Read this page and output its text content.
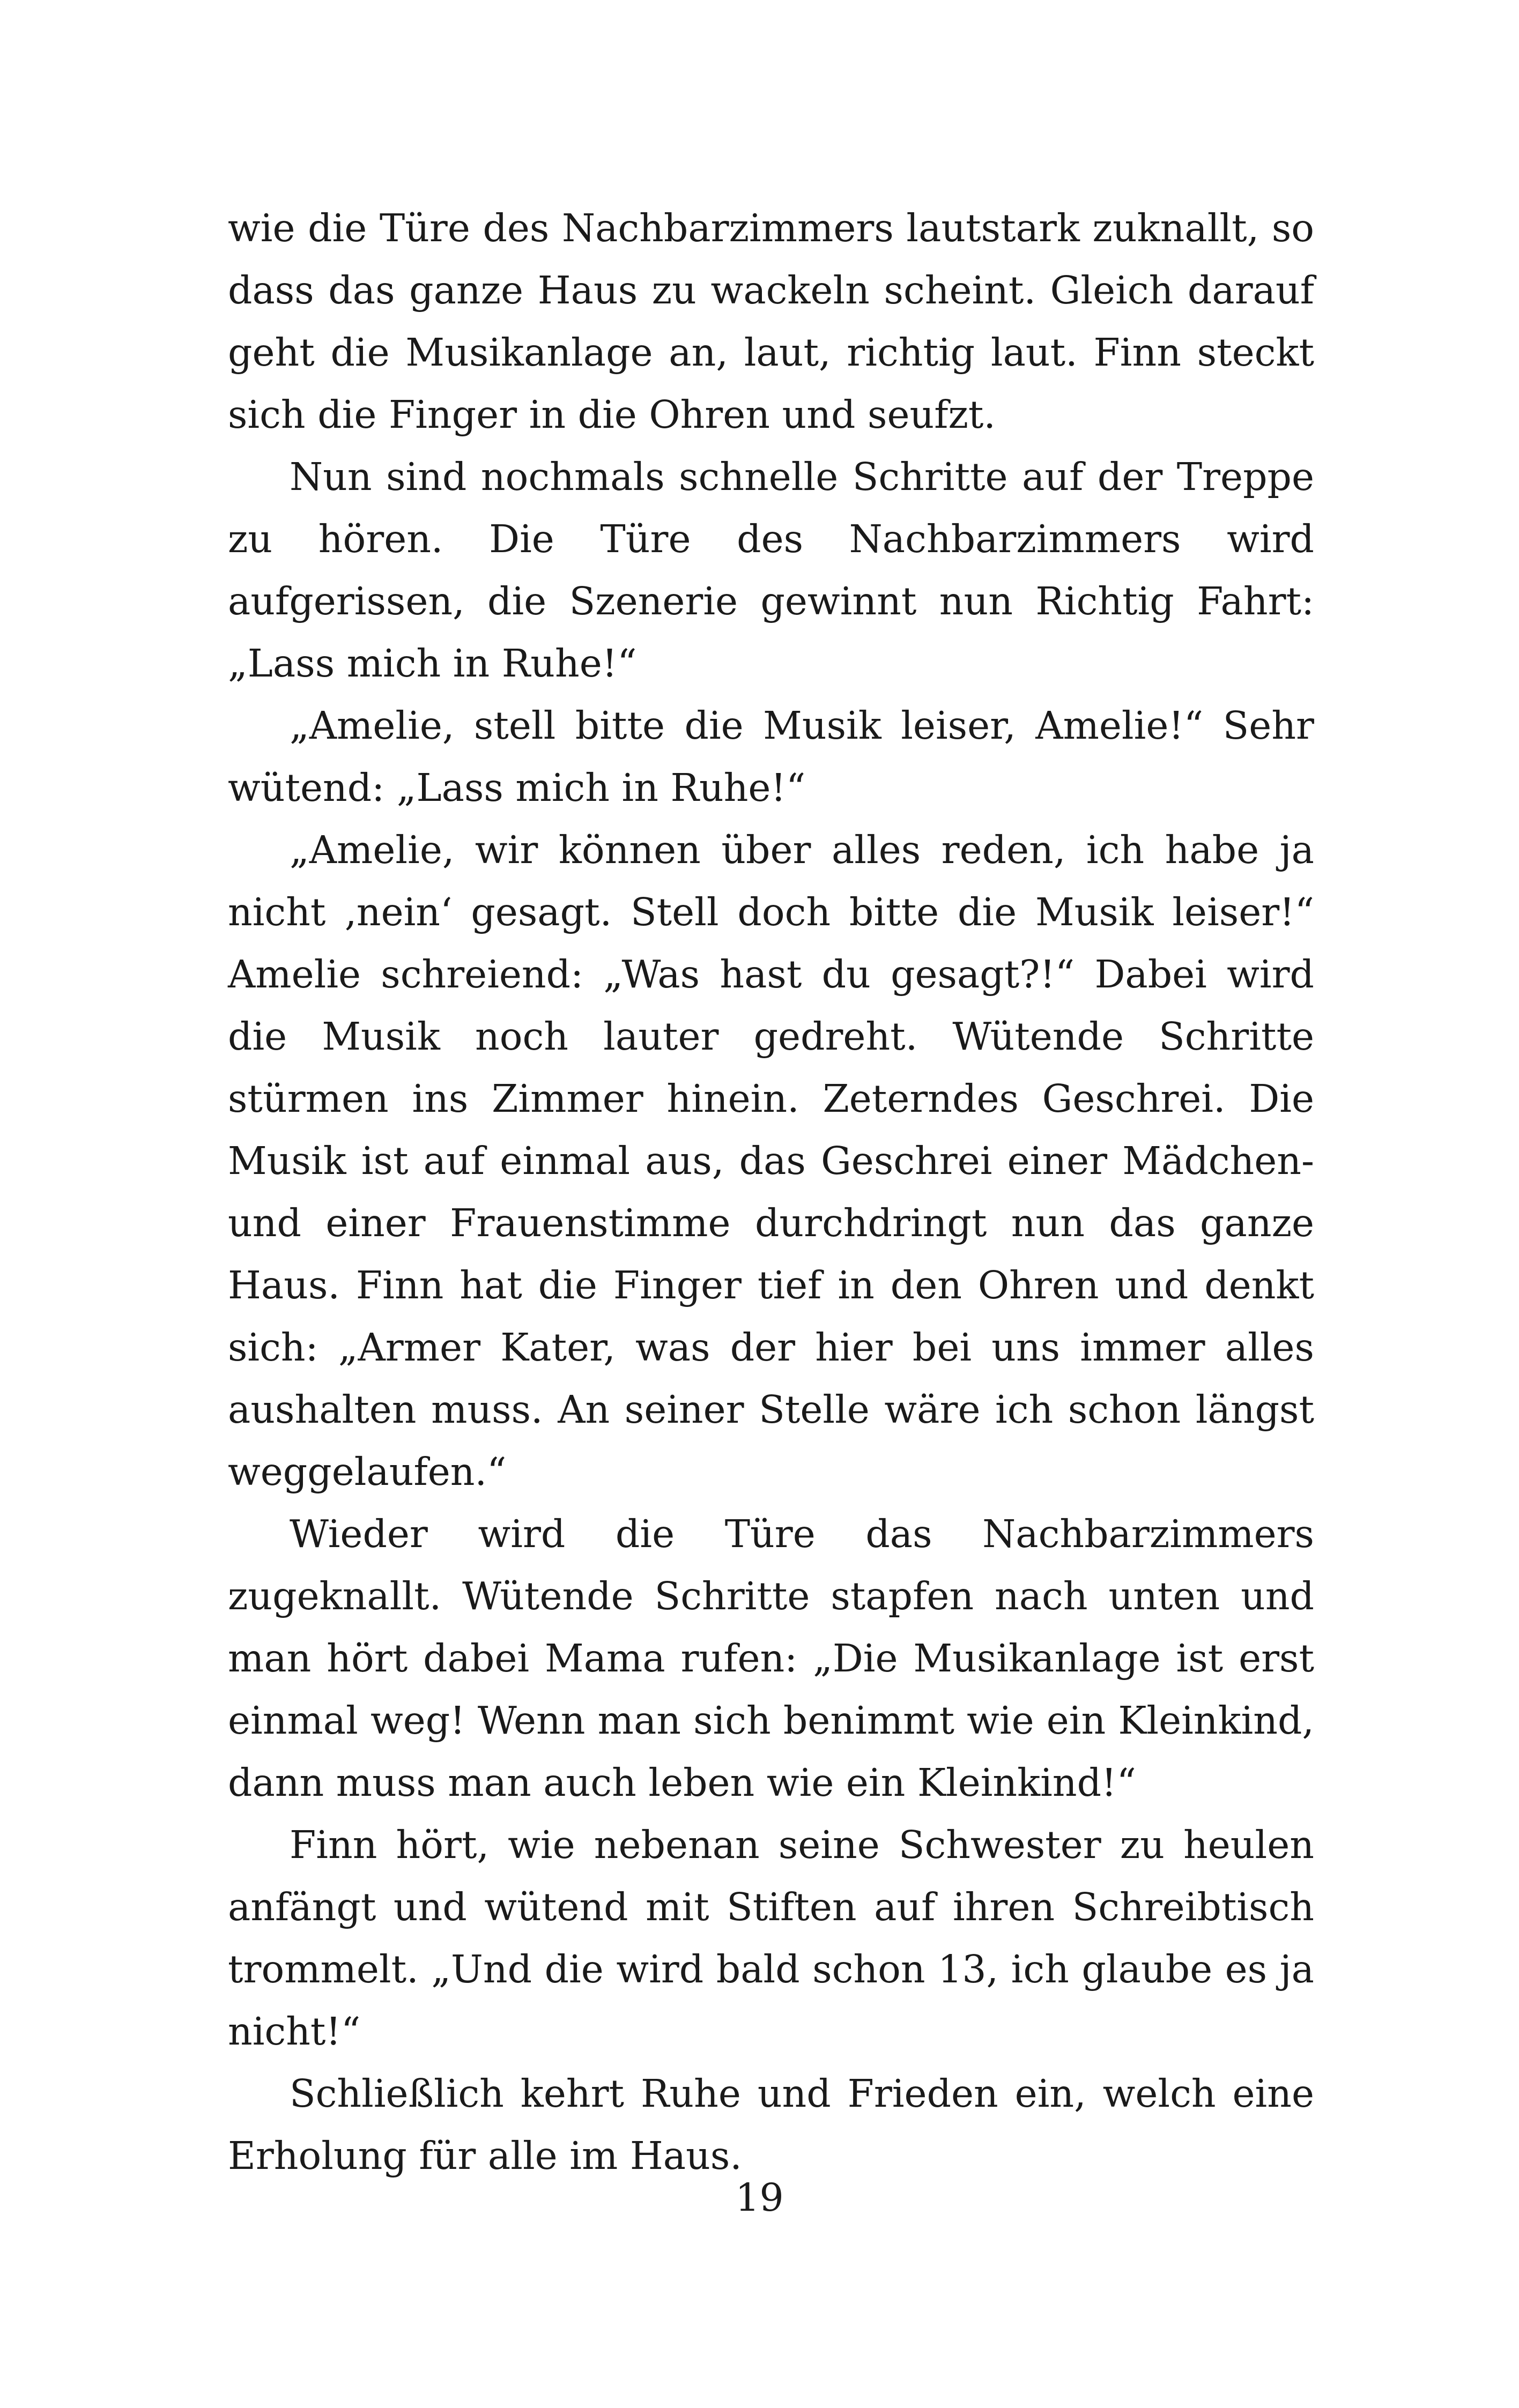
wie die Türe des Nachbarzimmers lautstark zuknallt, so dass das ganze Haus zu wackeln scheint. Gleich darauf geht die Musikanlage an, laut, richtig laut. Finn steckt sich die Finger in die Ohren und seufzt.

Nun sind nochmals schnelle Schritte auf der Treppe zu hören. Die Türe des Nachbarzimmers wird aufgerissen, die Szenerie gewinnt nun Richtig Fahrt: „Lass mich in Ruhe!“

„Amelie, stell bitte die Musik leiser, Amelie!“ Sehr wütend: „Lass mich in Ruhe!“

„Amelie, wir können über alles reden, ich habe ja nicht ‚nein‘ gesagt. Stell doch bitte die Musik leiser!“ Amelie schreiend: „Was hast du gesagt?!“ Dabei wird die Musik noch lauter gedreht. Wütende Schritte stürmen ins Zimmer hinein. Zeterndes Geschrei. Die Musik ist auf einmal aus, das Geschrei einer Mädchen- und einer Frauenstimme durchdringt nun das ganze Haus. Finn hat die Finger tief in den Ohren und denkt sich: „Armer Kater, was der hier bei uns immer alles aushalten muss. An seiner Stelle wäre ich schon längst weggelaufen.“

Wieder wird die Türe das Nachbarzimmers zugeknallt. Wütende Schritte stapfen nach unten und man hört dabei Mama rufen: „Die Musikanlage ist erst einmal weg! Wenn man sich benimmt wie ein Kleinkind, dann muss man auch leben wie ein Kleinkind!“

Finn hört, wie nebenan seine Schwester zu heulen anfängt und wütend mit Stiften auf ihren Schreibtisch trommelt. „Und die wird bald schon 13, ich glaube es ja nicht!“

Schließlich kehrt Ruhe und Frieden ein, welch eine Erholung für alle im Haus.

19
